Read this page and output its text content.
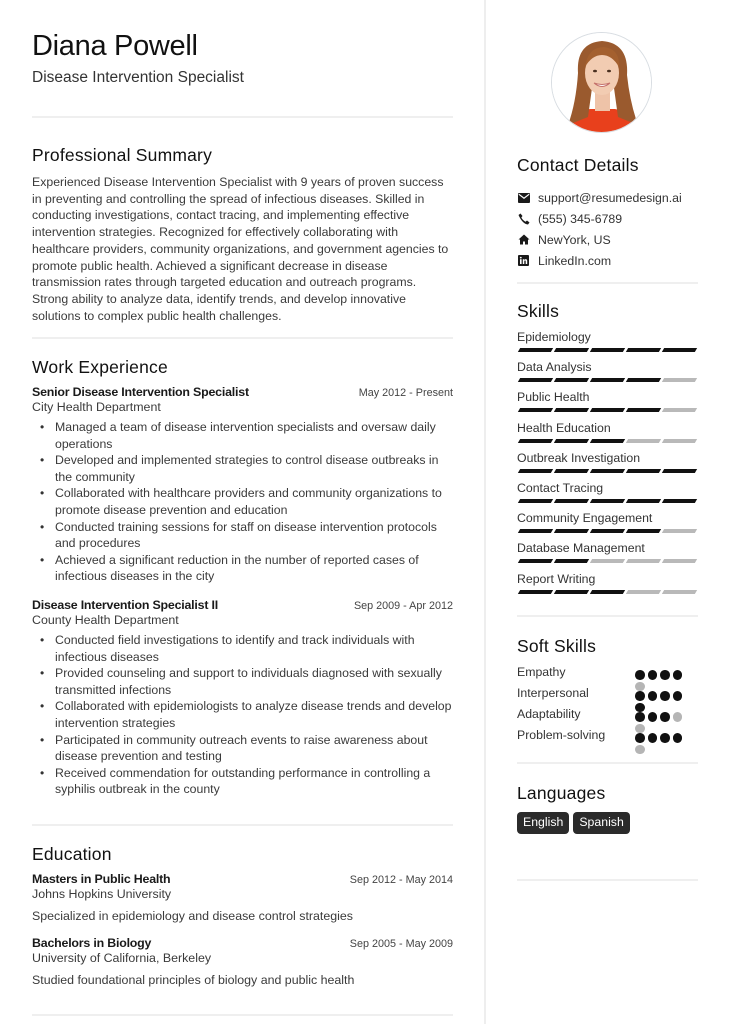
Diana Powell
Disease Intervention Specialist
Professional Summary

Experienced Disease Intervention Specialist with 9 years of proven success in preventing and controlling the spread of infectious diseases. Skilled in conducting investigations, contact tracing, and implementing effective intervention strategies. Recognized for effectively collaborating with healthcare providers, community organizations, and government agencies to promote public health. Achieved a significant decrease in disease transmission rates through targeted education and outreach programs. Strong ability to analyze data, identify trends, and develop innovative solutions to complex public health challenges.

Work Experience
Senior Disease Intervention Specialist	May 2012 - Present
City Health Department
• Managed a team of disease intervention specialists and oversaw daily operations
• Developed and implemented strategies to control disease outbreaks in the community
• Collaborated with healthcare providers and community organizations to promote disease prevention and education
• Conducted training sessions for staff on disease intervention protocols and procedures
• Achieved a significant reduction in the number of reported cases of infectious diseases in the city
Disease Intervention Specialist II	Sep 2009 - Apr 2012
County Health Department
• Conducted field investigations to identify and track individuals with infectious diseases
• Provided counseling and support to individuals diagnosed with sexually transmitted infections
• Collaborated with epidemiologists to analyze disease trends and develop intervention strategies
• Participated in community outreach events to raise awareness about disease prevention and testing
• Received commendation for outstanding performance in controlling a syphilis outbreak in the county
Education
Masters in Public Health	Sep 2012 - May 2014
Johns Hopkins University
Specialized in epidemiology and disease control strategies
Bachelors in Biology	Sep 2005 - May 2009
University of California, Berkeley
Studied foundational principles of biology and public health
Contact Details
support@resumedesign.ai
(555) 345-6789
NewYork, US
LinkedIn.com
Skills
Epidemiology
Data Analysis
Public Health
Health Education
Outbreak Investigation
Contact Tracing
Community Engagement
Database Management
Report Writing
Soft Skills
Empathy
Interpersonal
Adaptability
Problem-solving
Languages
English	Spanish
